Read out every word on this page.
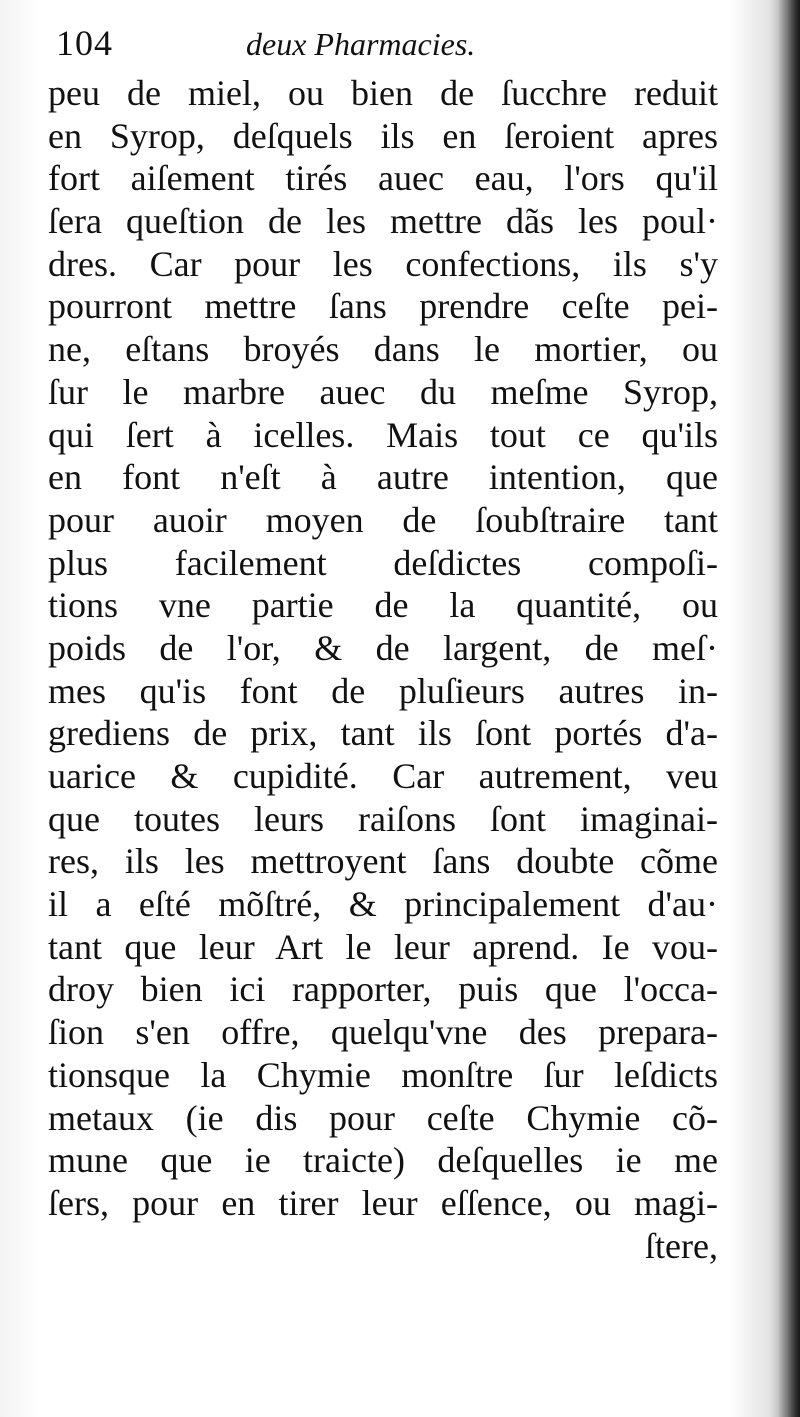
104	deux Pharmacies.
peu de miel, ou bien de ſucchre reduit
en Syrop, deſquels ils en ſeroient apres
fort aiſement tirés auec eau, l'ors qu'il
ſera queſtion de les mettre dãs les poul·
dres. Car pour les confections, ils s'y
pourront mettre ſans prendre ceſte pei-
ne, eſtans broyés dans le mortier, ou
ſur le marbre auec du meſme Syrop,
qui ſert à icelles. Mais tout ce qu'ils
en font n'eſt à autre intention, que
pour auoir moyen de ſoubſtraire tant
plus facilement deſdictes compoſi-
tions vne partie de la quantité, ou
poids de l'or, & de largent, de meſ·
mes qu'is font de pluſieurs autres in-
grediens de prix, tant ils ſont portés d'a-
uarice & cupidité. Car autrement, veu
que toutes leurs raiſons ſont imaginai-
res, ils les mettroyent ſans doubte cõme
il a eſté mõſtré, & principalement d'au·
tant que leur Art le leur aprend. Ie vou-
droy bien ici rapporter, puis que l'occa-
ſion s'en offre, quelqu'vne des prepara-
tionsque la Chymie monſtre ſur leſdicts
metaux (ie dis pour ceſte Chymie cõ-
mune que ie traicte) deſquelles ie me
ſers, pour en tirer leur eſſence, ou magi-
ſtere,
